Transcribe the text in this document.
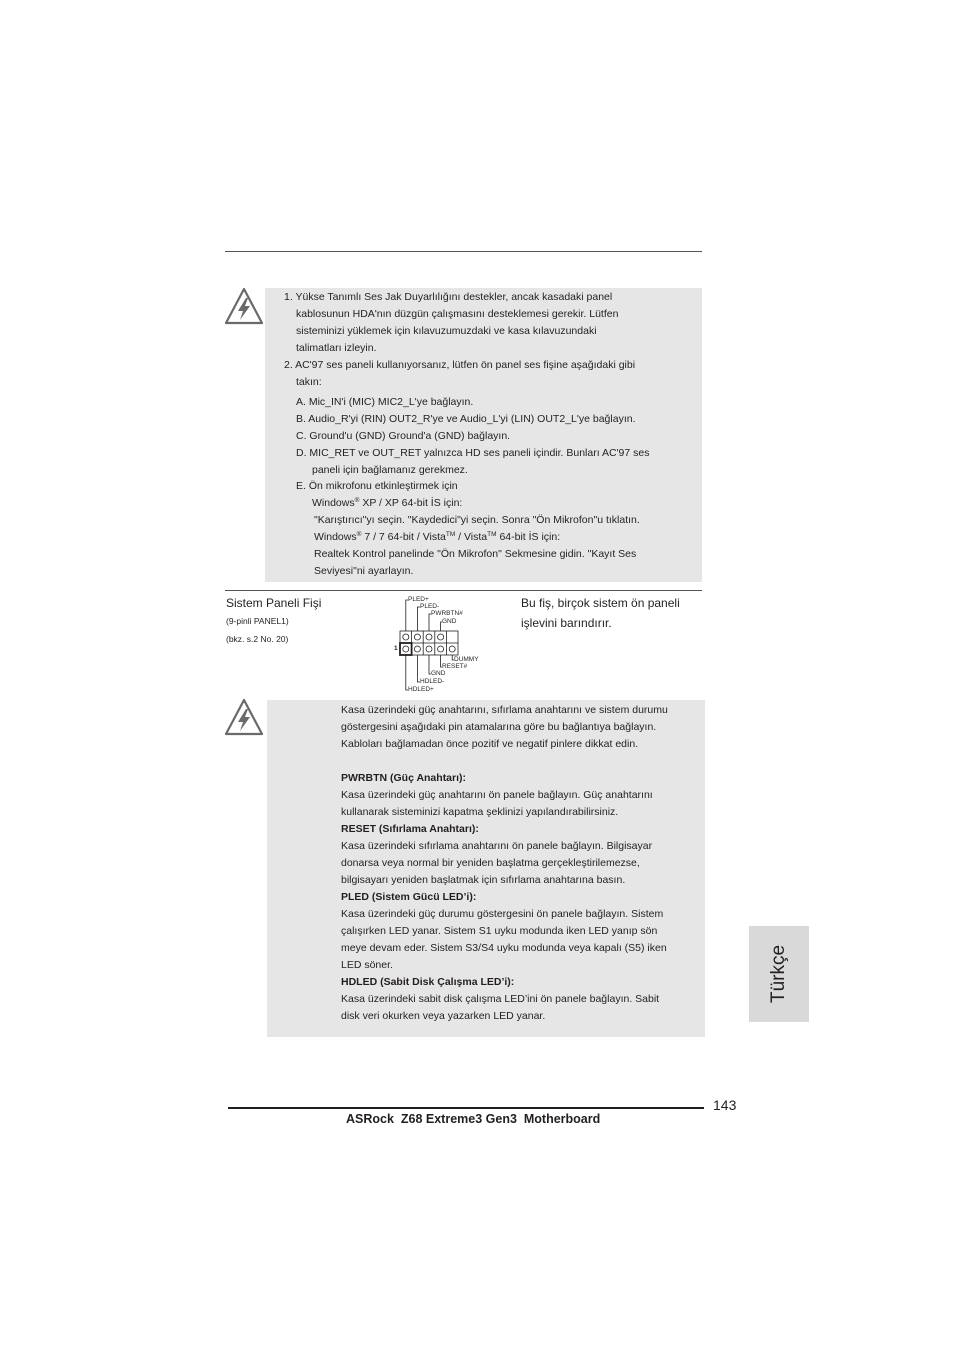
1. Yükse Tanımlı Ses Jak Duyarlılığını destekler, ancak kasadaki panel
kablosunun HDA'nın düzgün çalışmasını desteklemesi gerekir. Lütfen
sisteminizi yüklemek için kılavuzumuzdaki ve kasa kılavuzundaki
talimatları izleyin.
2. AC'97 ses paneli kullanıyorsanız, lütfen ön panel ses fişine aşağıdaki gibi
takın:
A. Mic_IN'i (MIC) MIC2_L'ye bağlayın.
B. Audio_R'yi (RIN) OUT2_R'ye ve Audio_L'yi (LIN) OUT2_L'ye bağlayın.
C. Ground'u (GND) Ground'a (GND) bağlayın.
D. MIC_RET ve OUT_RET yalnızca HD ses paneli içindir. Bunları AC'97 ses
paneli için bağlamanız gerekmez.
E. Ön mikrofonu etkinleştirmek için
Windows® XP / XP 64-bit İS için:
"Karıştırıcı"yı seçin. "Kaydedici"yi seçin. Sonra "Ön Mikrofon"u tıklatın.
Windows® 7 / 7 64-bit / Vista™ / Vista™ 64-bit İS için:
Realtek Kontrol panelinde "Ön Mikrofon" Sekmesine gidin. "Kayıt Ses
Seviyesi"ni ayarlayın.
Sistem Paneli Fişi
(9-pinli PANEL1)
(bkz. s.2 No. 20)
Bu fiş, birçok sistem ön paneli
işlevini barındırır.
PLED+
PLED-
PWRBTN#
GND
DUMMY
RESET#
GND
HDLED-
HDLED+
1

Kasa üzerindeki güç anahtarını, sıfırlama anahtarını ve sistem durumu

göstergesini aşağıdaki pin atamalarına göre bu bağlantıya bağlayın.

Kabloları bağlamadan önce pozitif ve negatif pinlere dikkat edin.

PWRBTN (Güç Anahtarı):

Kasa üzerindeki güç anahtarını ön panele bağlayın. Güç anahtarını

kullanarak sisteminizi kapatma şeklinizi yapılandırabilirsiniz.

RESET (Sıfırlama Anahtarı):

Kasa üzerindeki sıfırlama anahtarını ön panele bağlayın. Bilgisayar

donarsa veya normal bir yeniden başlatma gerçekleştirilemezse,

bilgisayarı yeniden başlatmak için sıfırlama anahtarına basın.

PLED (Sistem Gücü LED’i):

Kasa üzerindeki güç durumu göstergesini ön panele bağlayın. Sistem

çalışırken LED yanar. Sistem S1 uyku modunda iken LED yanıp sön

meye devam eder. Sistem S3/S4 uyku modunda veya kapalı (S5) iken

LED söner.

HDLED (Sabit Disk Çalışma LED’i):

Kasa üzerindeki sabit disk çalışma LED’ini ön panele bağlayın. Sabit

disk veri okurken veya yazarken LED yanar.

Türkçe
143
ASRock  Z68 Extreme3 Gen3  Motherboard
